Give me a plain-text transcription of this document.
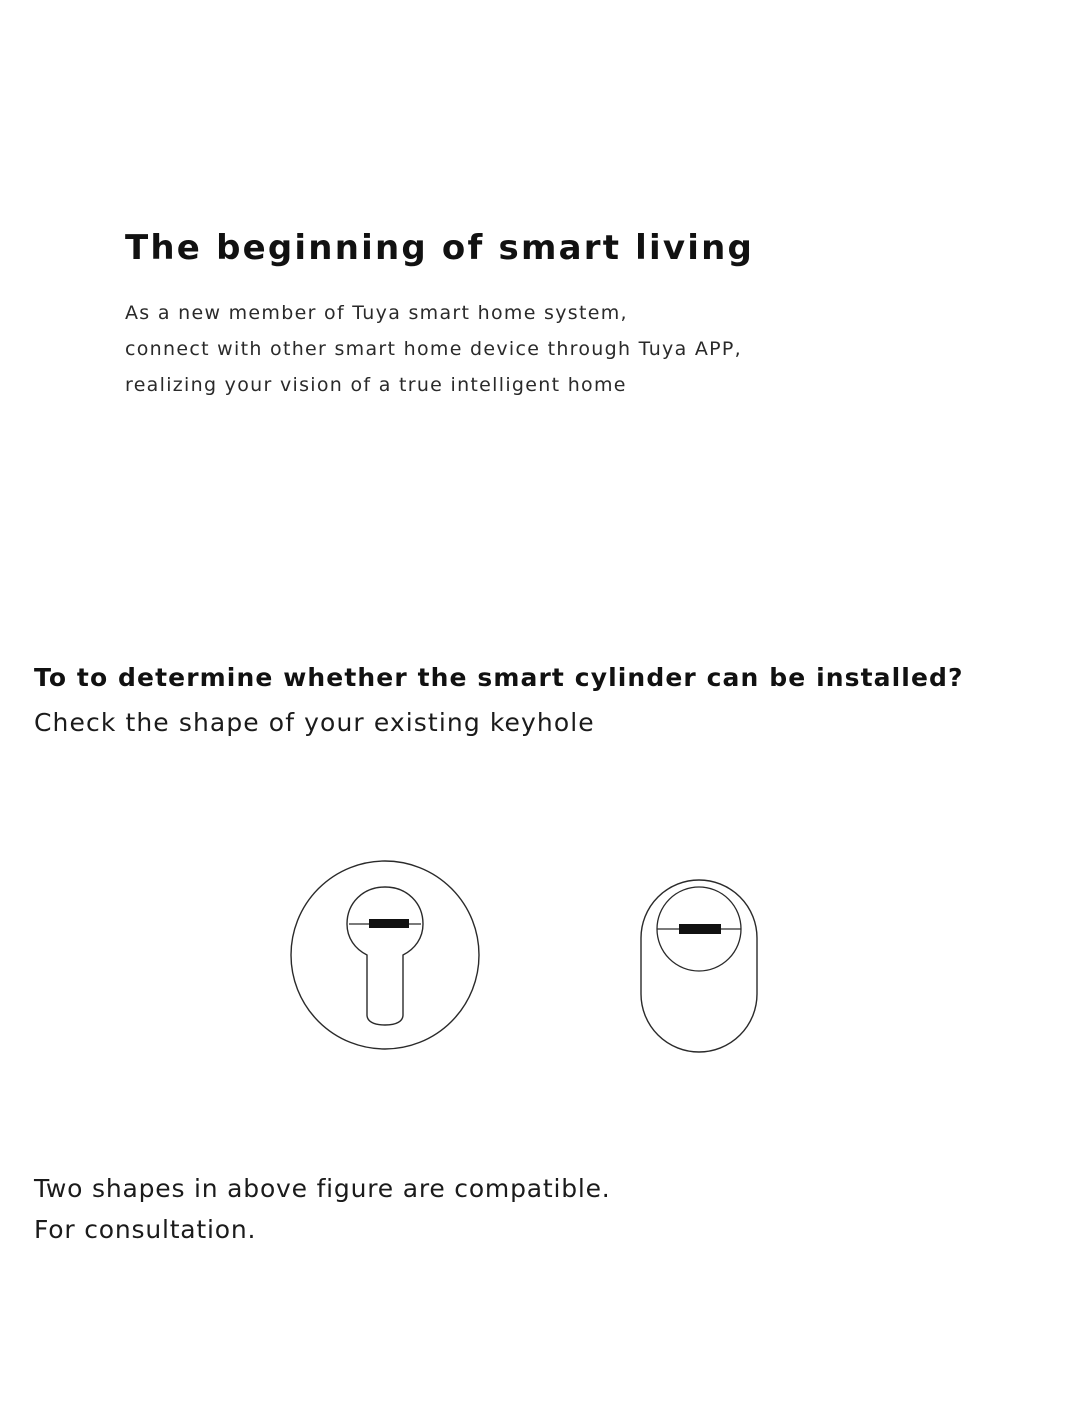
The beginning of smart living
As a new member of Tuya smart home system,
connect with other smart home device through Tuya APP,
realizing your vision of a true intelligent home
To to determine whether the smart cylinder can be installed?
Check the shape of your existing keyhole
Two shapes in above figure are compatible.
For consultation.
